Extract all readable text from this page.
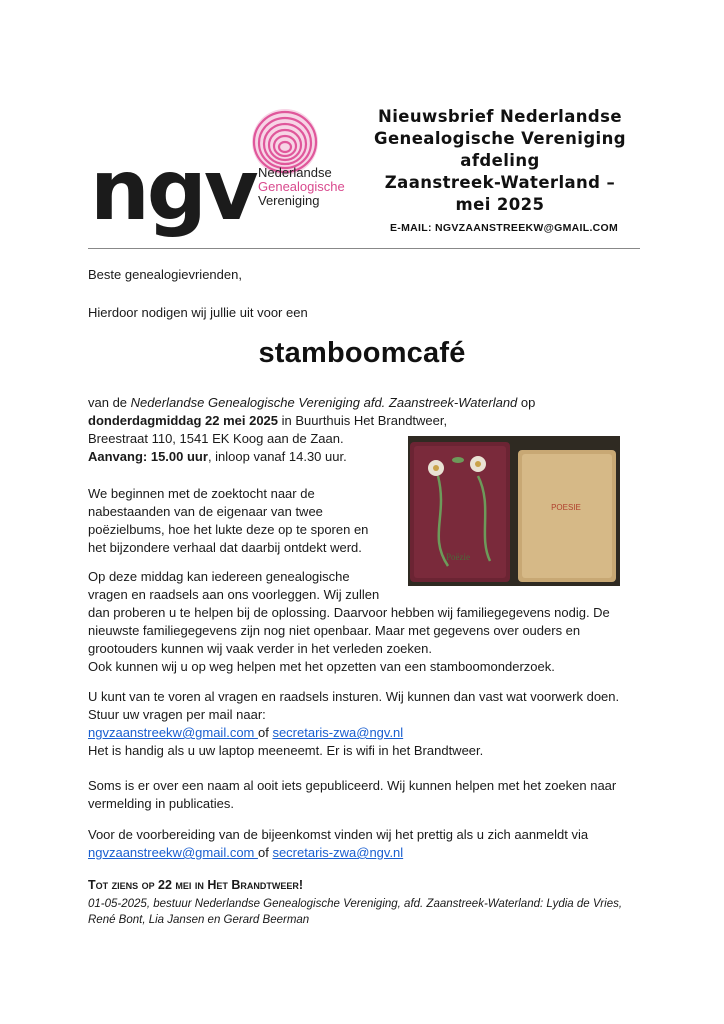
ngv Nederlandse
Genealogische
Vereniging
Nieuwsbrief Nederlandse
Genealogische Vereniging
afdeling
Zaanstreek-Waterland –
mei 2025
E-MAIL: NGVZAANSTREEKW@GMAIL.COM
Beste genealogievrienden,
Hierdoor nodigen wij jullie uit voor een
stamboomcafé
van de Nederlandse Genealogische Vereniging afd. Zaanstreek-Waterland op
donderdagmiddag 22 mei 2025 in Buurthuis Het Brandtweer,
Breestraat 110, 1541 EK Koog aan de Zaan.
Aanvang: 15.00 uur, inloop vanaf 14.30 uur.
POESIE
Poëzie
We beginnen met de zoektocht naar de
nabestaanden van de eigenaar van twee
poëzielbums, hoe het lukte deze op te sporen en
het bijzondere verhaal dat daarbij ontdekt werd.
Op deze middag kan iedereen genealogische
vragen en raadsels aan ons voorleggen. Wij zullen
dan proberen u te helpen bij de oplossing. Daarvoor hebben wij familiegegevens nodig. De
nieuwste familiegegevens zijn nog niet openbaar. Maar met gegevens over ouders en
grootouders kunnen wij vaak verder in het verleden zoeken.
Ook kunnen wij u op weg helpen met het opzetten van een stamboomonderzoek.
U kunt van te voren al vragen en raadsels insturen. Wij kunnen dan vast wat voorwerk doen.
Stuur uw vragen per mail naar:
ngvzaanstreekw@gmail.com of secretaris-zwa@ngv.nl
Het is handig als u uw laptop meeneemt. Er is wifi in het Brandtweer.
Soms is er over een naam al ooit iets gepubliceerd. Wij kunnen helpen met het zoeken naar
vermelding in publicaties.
Voor de voorbereiding van de bijeenkomst vinden wij het prettig als u zich aanmeldt via
ngvzaanstreekw@gmail.com of secretaris-zwa@ngv.nl
Tot ziens op 22 mei in Het Brandtweer!
01-05-2025, bestuur Nederlandse Genealogische Vereniging, afd. Zaanstreek-Waterland: Lydia de Vries,
René Bont, Lia Jansen en Gerard Beerman
